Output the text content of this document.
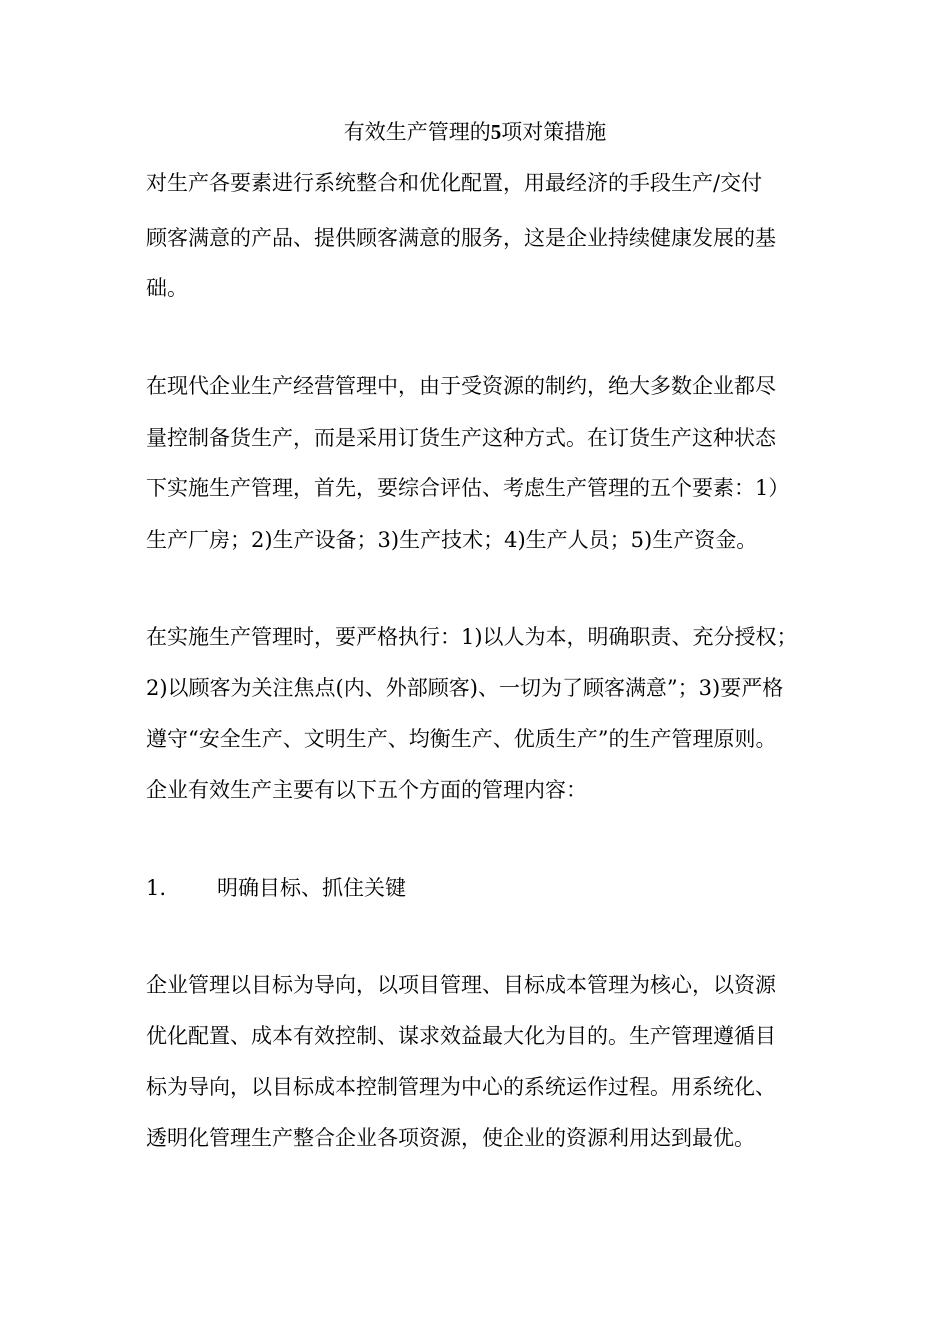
有效生产管理的5项对策措施
对生产各要素进行系统整合和优化配置，用最经济的手段生产/交付
顾客满意的产品、提供顾客满意的服务，这是企业持续健康发展的基
础。
在现代企业生产经营管理中，由于受资源的制约，绝大多数企业都尽
量控制备货生产，而是采用订货生产这种方式。在订货生产这种状态
下实施生产管理，首先，要综合评估、考虑生产管理的五个要素：1）
生产厂房；2)生产设备；3)生产技术；4)生产人员；5)生产资金。
在实施生产管理时，要严格执行：1)以人为本，明确职责、充分授权；
2)以顾客为关注焦点(内、外部顾客)、一切为了顾客满意”；3)要严格
遵守“安全生产、文明生产、均衡生产、优质生产”的生产管理原则。
企业有效生产主要有以下五个方面的管理内容：
1. 明确目标、抓住关键
企业管理以目标为导向，以项目管理、目标成本管理为核心，以资源
优化配置、成本有效控制、谋求效益最大化为目的。生产管理遵循目
标为导向，以目标成本控制管理为中心的系统运作过程。用系统化、
透明化管理生产整合企业各项资源，使企业的资源利用达到最优。
